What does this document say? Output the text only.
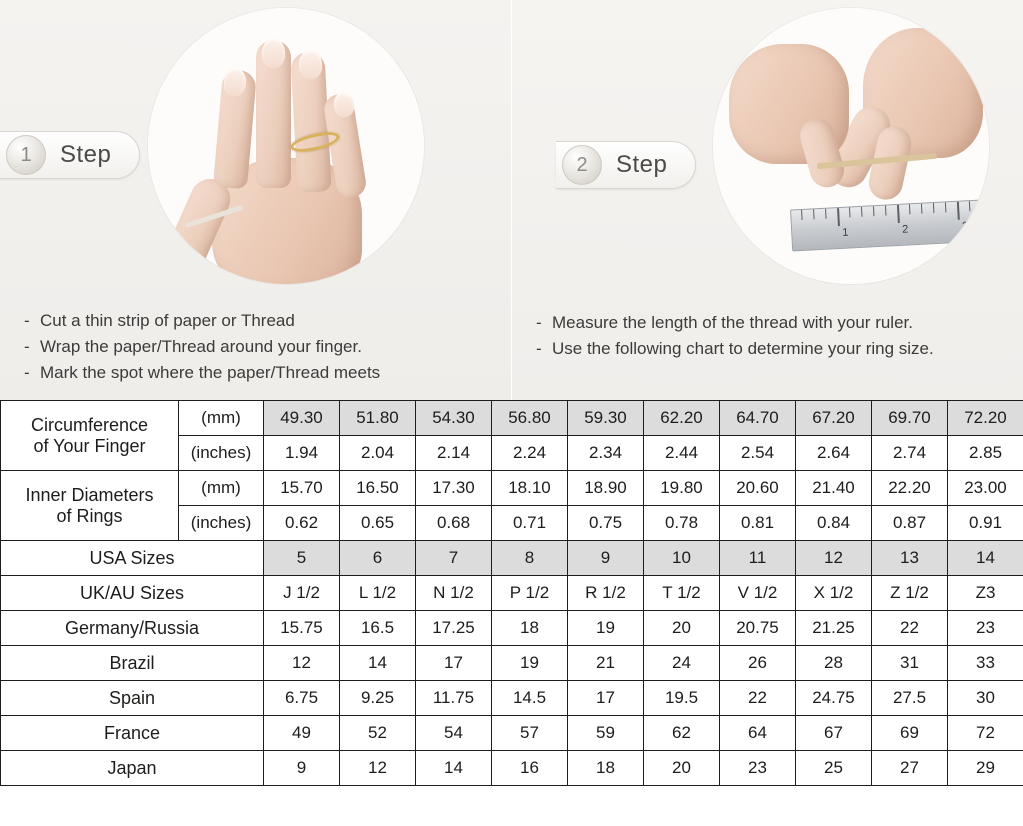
1	Step
- Cut a thin strip of paper or Thread
- Wrap the paper/Thread around your finger.
- Mark the spot where the paper/Thread meets
1	2	3
2	Step
- Measure the length of the thread with your ruler.
- Use the following chart to determine your ring size.
Circumference
of Your Finger	(mm)	49.30	51.80	54.30	56.80	59.30	62.20	64.70	67.20	69.70	72.20
	(inches)	1.94	2.04	2.14	2.24	2.34	2.44	2.54	2.64	2.74	2.85

Inner Diameters
of Rings	(mm)	15.70	16.50	17.30	18.10	18.90	19.80	20.60	21.40	22.20	23.00
	(inches)	0.62	0.65	0.68	0.71	0.75	0.78	0.81	0.84	0.87	0.91
USA Sizes		5	6	7	8	9	10	11	12	13	14
UK/AU Sizes		J 1/2	L 1/2	N 1/2	P 1/2	R 1/2	T 1/2	V 1/2	X 1/2	Z 1/2	Z3
Germany/Russia		15.75	16.5	17.25	18	19	20	20.75	21.25	22	23
Brazil		12	14	17	19	21	24	26	28	31	33
Spain		6.75	9.25	11.75	14.5	17	19.5	22	24.75	27.5	30
France		49	52	54	57	59	62	64	67	69	72
Japan		9	12	14	16	18	20	23	25	27	29
